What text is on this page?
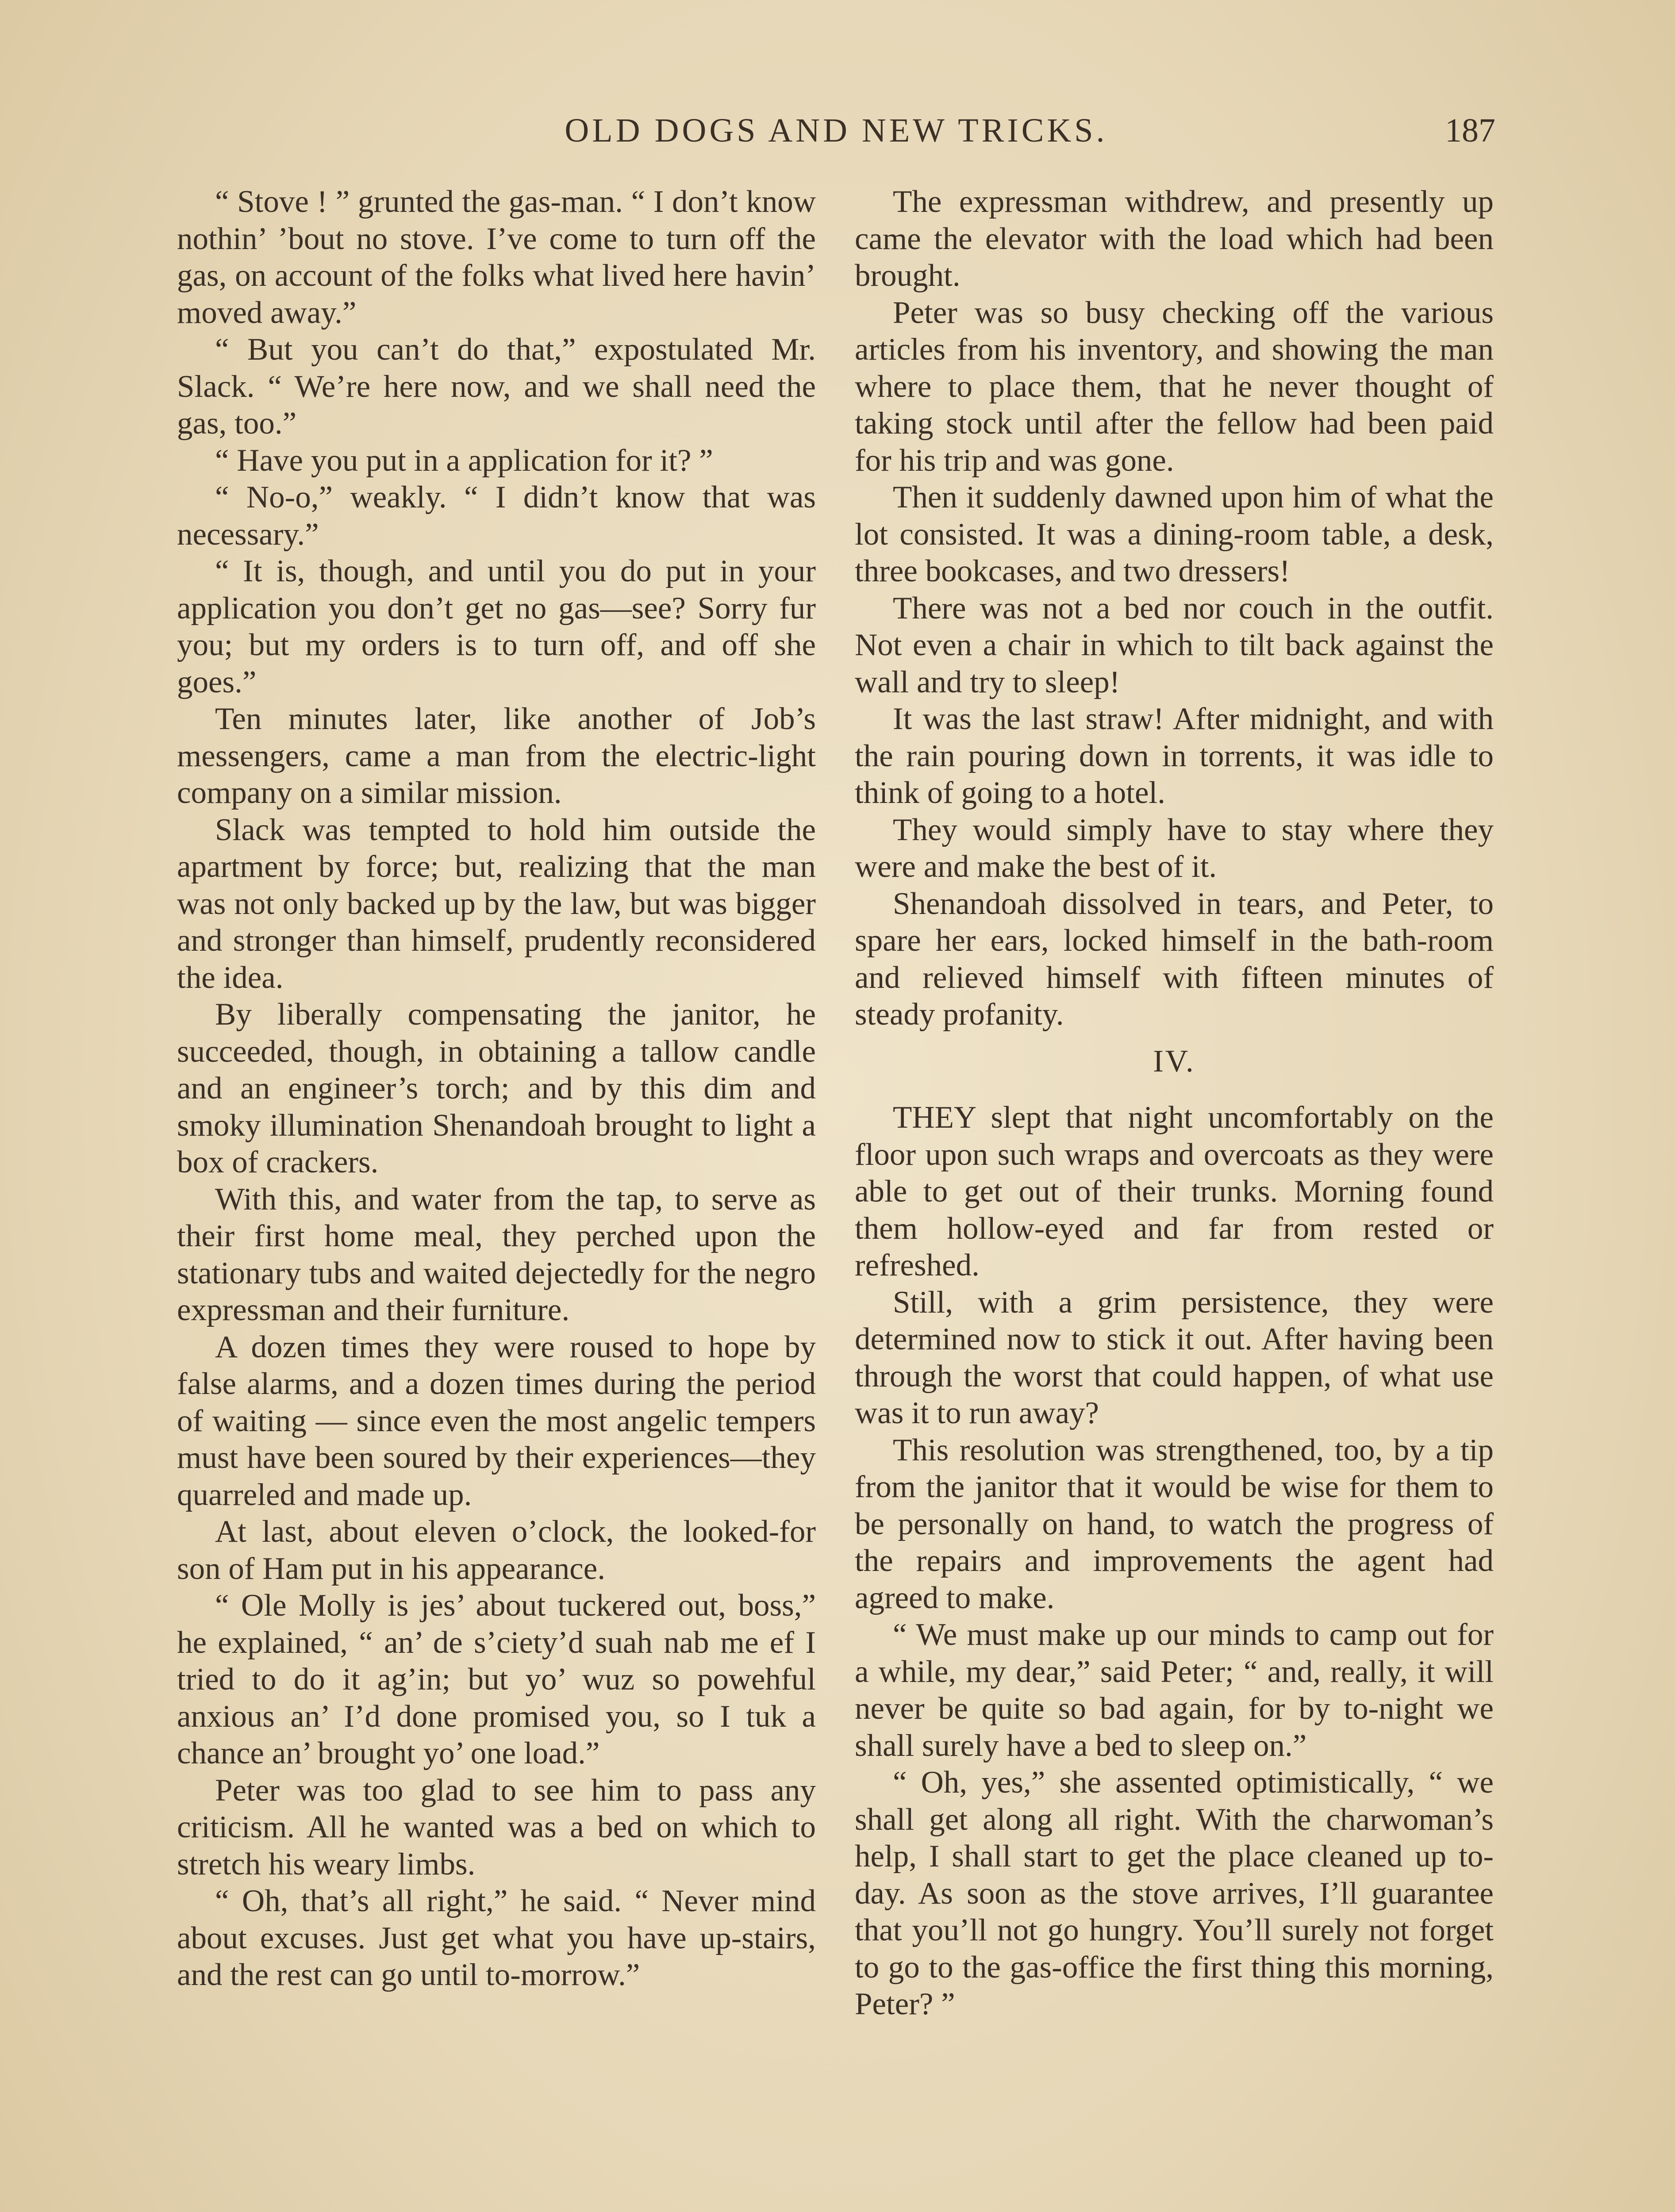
OLD DOGS AND NEW TRICKS.	187

“ Stove ! ” grunted the gas-man. “ I don’t know nothin’ ’bout no stove. I’ve come to turn off the gas, on account of the folks what lived here havin’ moved away.”

“ But you can’t do that,” expostulated Mr. Slack. “ We’re here now, and we shall need the gas, too.”

“ Have you put in a application for it? ”

“ No-o,” weakly. “ I didn’t know that was necessary.”

“ It is, though, and until you do put in your application you don’t get no gas—see? Sorry fur you; but my orders is to turn off, and off she goes.”

Ten minutes later, like another of Job’s messengers, came a man from the electric-light company on a similar mission.

Slack was tempted to hold him outside the apartment by force; but, realizing that the man was not only backed up by the law, but was bigger and stronger than himself, prudently reconsidered the idea.

By liberally compensating the janitor, he succeeded, though, in obtaining a tallow candle and an engineer’s torch; and by this dim and smoky illumination Shenandoah brought to light a box of crackers.

With this, and water from the tap, to serve as their first home meal, they perched upon the stationary tubs and waited dejectedly for the negro expressman and their furniture.

A dozen times they were roused to hope by false alarms, and a dozen times during the period of waiting — since even the most angelic tempers must have been soured by their experiences—they quarreled and made up.

At last, about eleven o’clock, the looked-for son of Ham put in his appearance.

“ Ole Molly is jes’ about tuckered out, boss,” he explained, “ an’ de s’ciety’d suah nab me ef I tried to do it ag’in; but yo’ wuz so powehful anxious an’ I’d done promised you, so I tuk a chance an’ brought yo’ one load.”

Peter was too glad to see him to pass any criticism. All he wanted was a bed on which to stretch his weary limbs.

“ Oh, that’s all right,” he said. “ Never mind about excuses. Just get what you have up-stairs, and the rest can go until to-morrow.”

The expressman withdrew, and presently up came the elevator with the load which had been brought.

Peter was so busy checking off the various articles from his inventory, and showing the man where to place them, that he never thought of taking stock until after the fellow had been paid for his trip and was gone.

Then it suddenly dawned upon him of what the lot consisted. It was a dining-room table, a desk, three bookcases, and two dressers!

There was not a bed nor couch in the outfit. Not even a chair in which to tilt back against the wall and try to sleep!

It was the last straw! After midnight, and with the rain pouring down in torrents, it was idle to think of going to a hotel.

They would simply have to stay where they were and make the best of it.

Shenandoah dissolved in tears, and Peter, to spare her ears, locked himself in the bath-room and relieved himself with fifteen minutes of steady profanity.

IV.

THEY slept that night uncomfortably on the floor upon such wraps and overcoats as they were able to get out of their trunks. Morning found them hollow-eyed and far from rested or refreshed.

Still, with a grim persistence, they were determined now to stick it out. After having been through the worst that could happen, of what use was it to run away?

This resolution was strengthened, too, by a tip from the janitor that it would be wise for them to be personally on hand, to watch the progress of the repairs and improvements the agent had agreed to make.

“ We must make up our minds to camp out for a while, my dear,” said Peter; “ and, really, it will never be quite so bad again, for by to-night we shall surely have a bed to sleep on.”

“ Oh, yes,” she assented optimistically, “ we shall get along all right. With the charwoman’s help, I shall start to get the place cleaned up to-day. As soon as the stove arrives, I’ll guarantee that you’ll not go hungry. You’ll surely not forget to go to the gas-office the first thing this morning, Peter? ”
